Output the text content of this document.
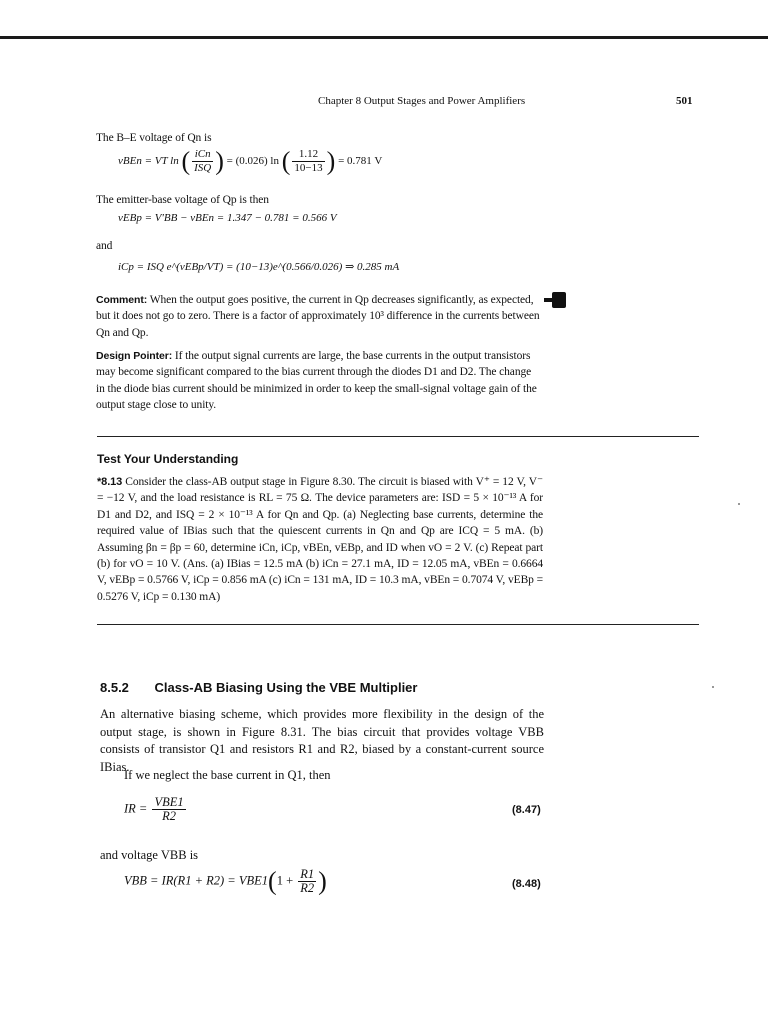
Chapter 8 Output Stages and Power Amplifiers	501
The B–E voltage of Qn is
vBEn = VT ln ( $\frac{\text{iCn}}{\text{ISQ}}$ ) = (0.026) ln ( $\frac{1.12}{10-13}$ ) = 0.781 V
The emitter-base voltage of Qp is then
vEBp = V′BB − vBEn = 1.347 − 0.781 = 0.566 V
and
iCp = ISQ e^(vEBp/VT) = (10−13)e^(0.566/0.026) ⇒ 0.285 mA
Comment: When the output goes positive, the current in Qp decreases significantly, as expected, but it does not go to zero. There is a factor of approximately 10³ difference in the currents between Qn and Qp.
Design Pointer: If the output signal currents are large, the base currents in the output transistors may become significant compared to the bias current through the diodes D1 and D2. The change in the diode bias current should be minimized in order to keep the small-signal voltage gain of the output stage close to unity.
Test Your Understanding
*8.13 Consider the class-AB output stage in Figure 8.30. The circuit is biased with V⁺ = 12 V, V⁻ = −12 V, and the load resistance is RL = 75 Ω. The device parameters are: ISD = 5 × 10⁻¹³ A for D1 and D2, and ISQ = 2 × 10⁻¹³ A for Qn and Qp. (a) Neglecting base currents, determine the required value of IBias such that the quiescent currents in Qn and Qp are ICQ = 5 mA. (b) Assuming βn = βp = 60, determine iCn, iCp, vBEn, vEBp, and ID when vO = 2 V. (c) Repeat part (b) for vO = 10 V. (Ans. (a) IBias = 12.5 mA (b) iCn = 27.1 mA, ID = 12.05 mA, vBEn = 0.6664 V, vEBp = 0.5766 V, iCp = 0.856 mA (c) iCn = 131 mA, ID = 10.3 mA, vBEn = 0.7074 V, vEBp = 0.5276 V, iCp = 0.130 mA)
8.5.2 Class-AB Biasing Using the VBE Multiplier
An alternative biasing scheme, which provides more flexibility in the design of the output stage, is shown in Figure 8.31. The bias circuit that provides voltage VBB consists of transistor Q1 and resistors R1 and R2, biased by a constant-current source IBias.
If we neglect the base current in Q1, then
IR = $\frac{\text{VBE1}}{R2}$	(8.47)
and voltage VBB is
VBB = $IR(R1 + R2) = VBE1(1 + \frac{R1}{R2}$ )	(8.48)
